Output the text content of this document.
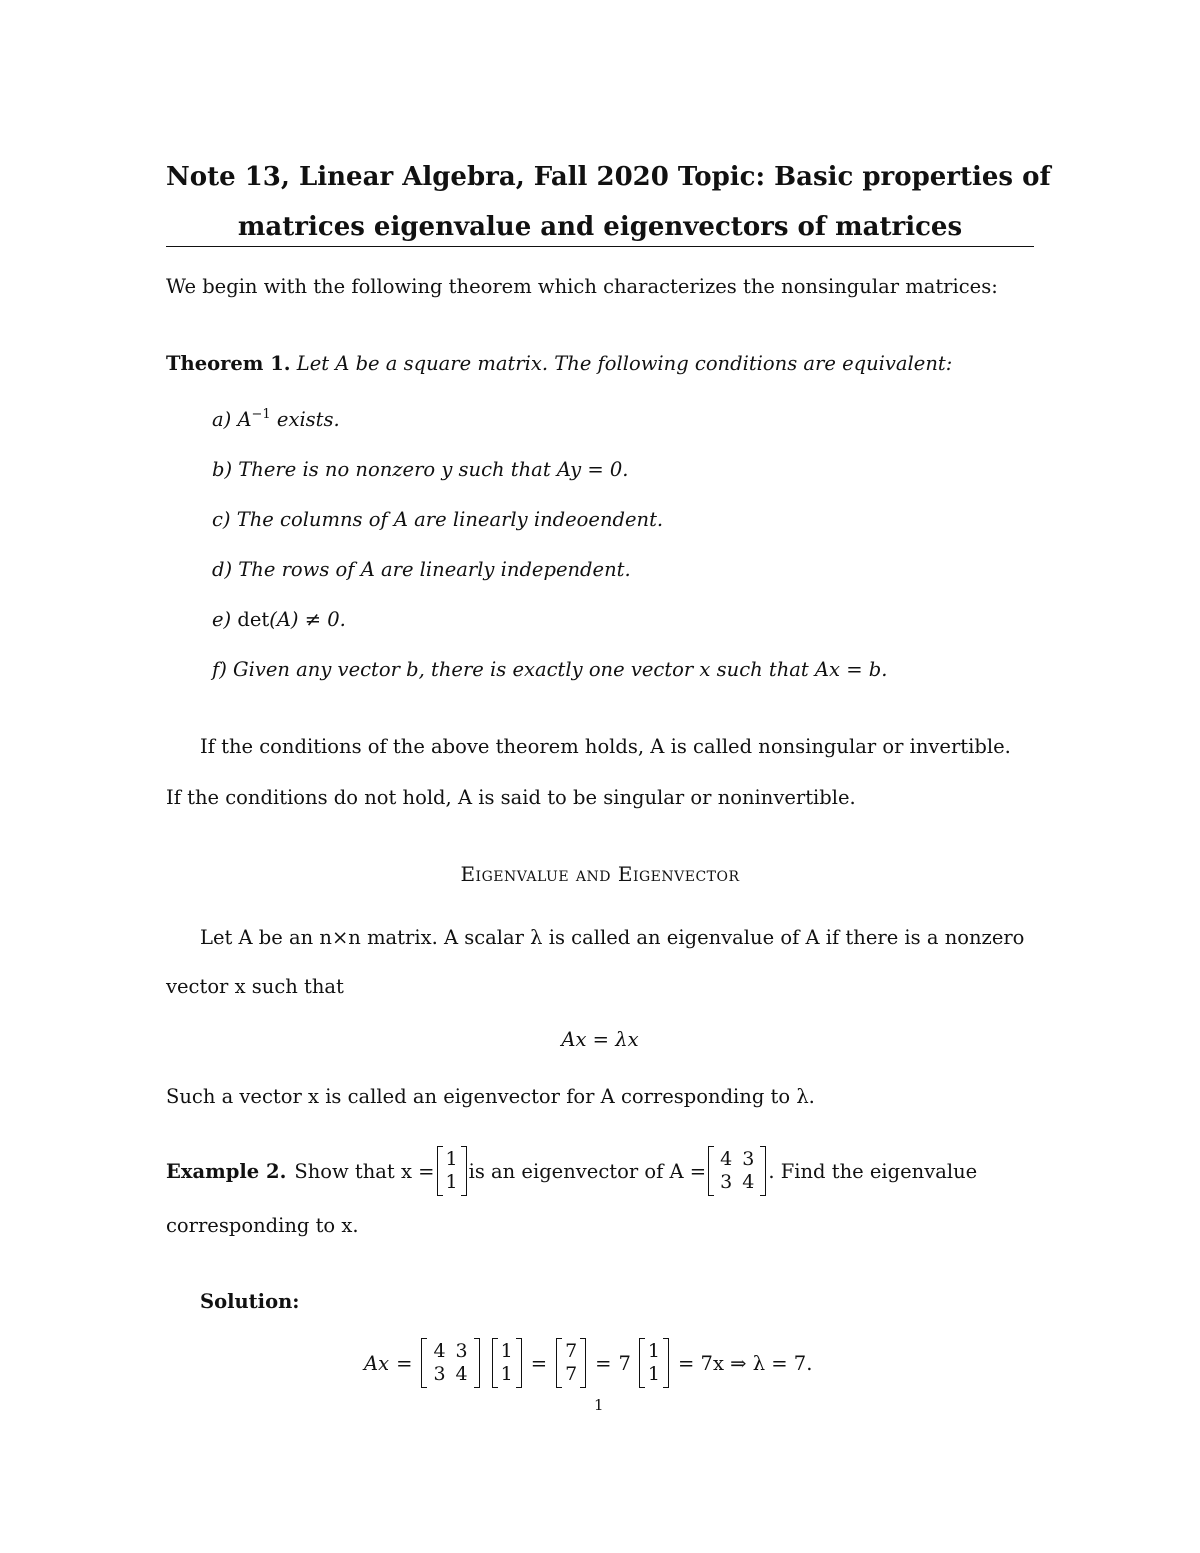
Note 13, Linear Algebra, Fall 2020 Topic: Basic properties of
matrices eigenvalue and eigenvectors of matrices
We begin with the following theorem which characterizes the nonsingular matrices:
Theorem 1. Let A be a square matrix. The following conditions are equivalent:
a) $A^{-1}$ exists.
b) There is no nonzero y such that Ay = 0.
c) The columns of A are linearly indeoendent.
d) The rows of A are linearly independent.
e) det(A) ≠ 0.
f) Given any vector b, there is exactly one vector x such that Ax = b.
If the conditions of the above theorem holds, A is called nonsingular or invertible.
If the conditions do not hold, A is said to be singular or noninvertible.
Eigenvalue and Eigenvector
Let A be an n×n matrix. A scalar λ is called an eigenvalue of A if there is a nonzero
vector x such that
Ax = λx
Such a vector x is called an eigenvector for A corresponding to λ.
Example 2. Show that x =
1
1 is an eigenvector of A =
4	3
3	4 . Find the eigenvalue
corresponding to x.
Solution:
Ax =
4	3
3	4
1
1 =
7
7 = 7
1
1 = 7x ⇒ λ = 7.
1
